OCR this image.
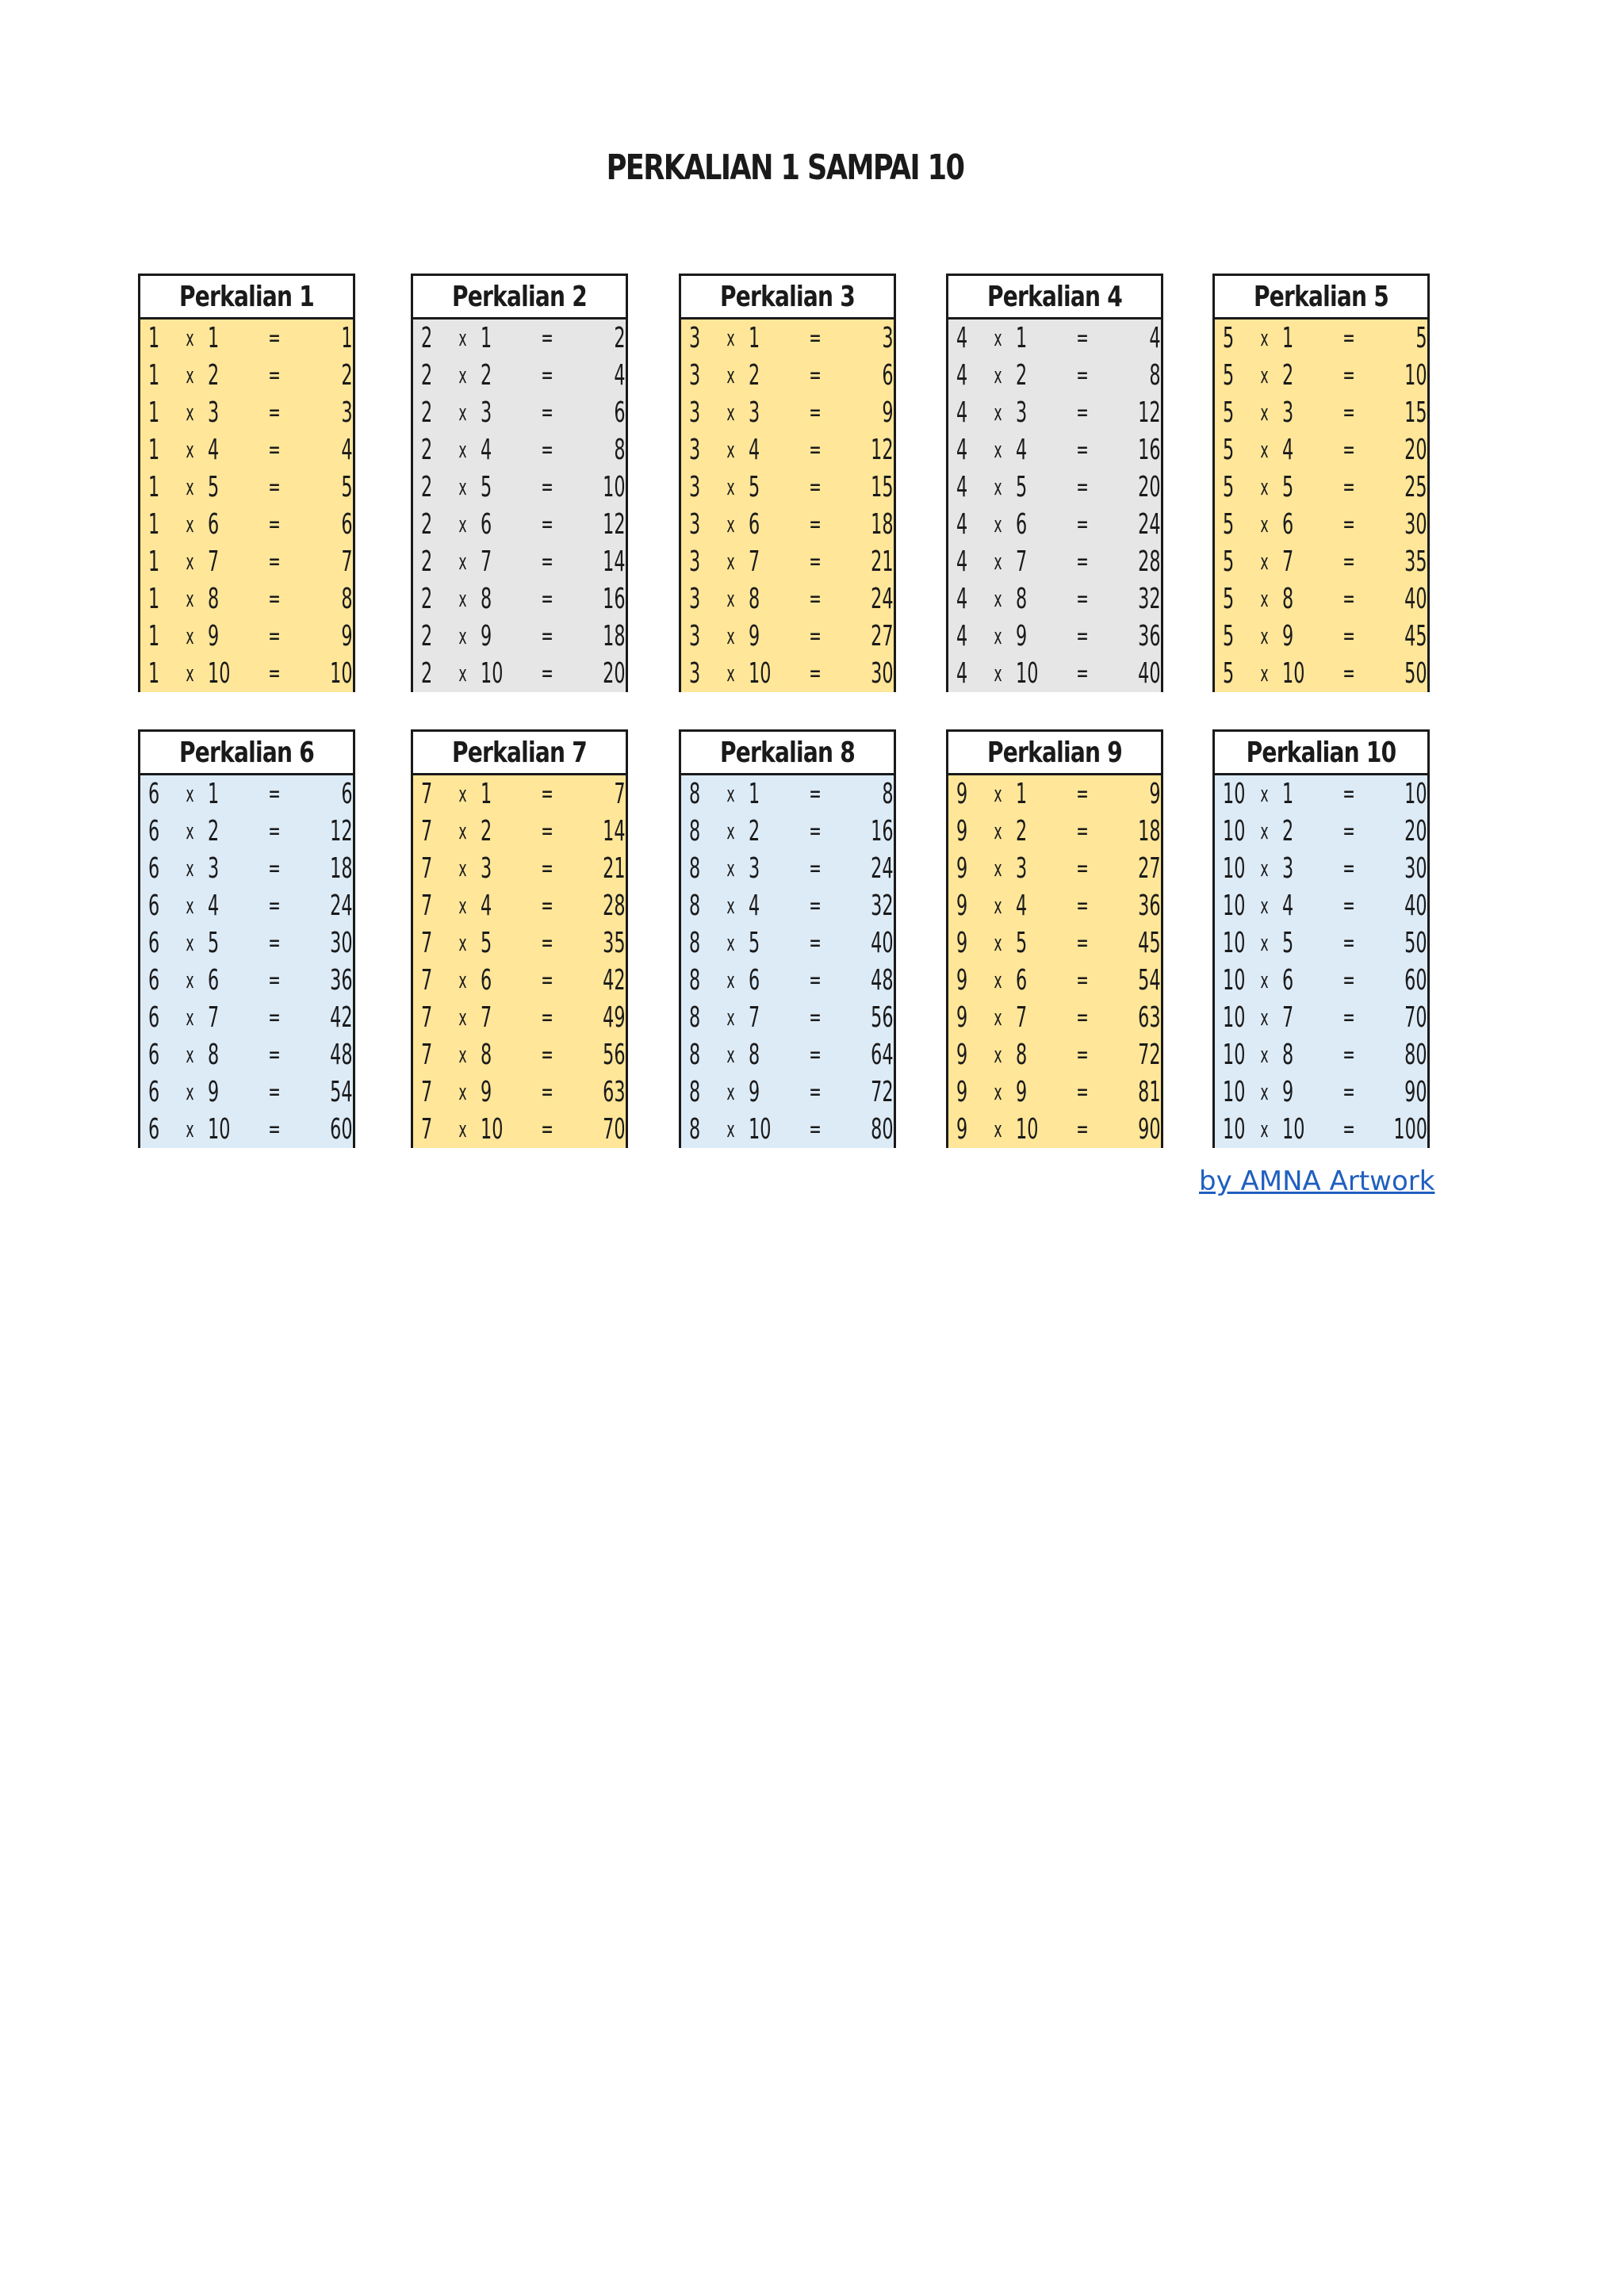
PERKALIAN 1 SAMPAI 10
Perkalian 1
1	x 1	=	1
1	x 2	=	2
1	x 3	=	3
1	x 4	=	4
1	x 5	=	5
1	x 6	=	6
1	x 7	=	7
1	x 8	=	8
1	x 9	=	9
1	x 10 =	10
Perkalian 2
2	x 1	=	2
2	x 2	=	4
2	x 3	=	6
2	x 4	=	8
2	x 5	=	10
2	x 6	=	12
2	x 7	=	14
2	x 8	=	16
2	x 9	=	18
2	x 10 =	20
Perkalian 3
3	x 1	=	3
3	x 2	=	6
3	x 3	=	9
3	x 4	=	12
3	x 5	=	15
3	x 6	=	18
3	x 7	=	21
3	x 8	=	24
3	x 9	=	27
3	x 10 =	30
Perkalian 4
4	x 1	=	4
4	x 2	=	8
4	x 3	=	12
4	x 4	=	16
4	x 5	=	20
4	x 6	=	24
4	x 7	=	28
4	x 8	=	32
4	x 9	=	36
4	x 10 =	40
Perkalian 5
5	x 1	=	5
5	x 2	=	10
5	x 3	=	15
5	x 4	=	20
5	x 5	=	25
5	x 6	=	30
5	x 7	=	35
5	x 8	=	40
5	x 9	=	45
5	x 10 =	50
Perkalian 6
6	x 1	=	6
6	x 2	=	12
6	x 3	=	18
6	x 4	=	24
6	x 5	=	30
6	x 6	=	36
6	x 7	=	42
6	x 8	=	48
6	x 9	=	54
6	x 10 =	60
Perkalian 7
7	x 1	=	7
7	x 2	=	14
7	x 3	=	21
7	x 4	=	28
7	x 5	=	35
7	x 6	=	42
7	x 7	=	49
7	x 8	=	56
7	x 9	=	63
7	x 10 =	70
Perkalian 8
8	x 1	=	8
8	x 2	=	16
8	x 3	=	24
8	x 4	=	32
8	x 5	=	40
8	x 6	=	48
8	x 7	=	56
8	x 8	=	64
8	x 9	=	72
8	x 10 =	80
Perkalian 9
9	x 1	=	9
9	x 2	=	18
9	x 3	=	27
9	x 4	=	36
9	x 5	=	45
9	x 6	=	54
9	x 7	=	63
9	x 8	=	72
9	x 9	=	81
9	x 10 =	90
Perkalian 10
10 x 1	=	10
10 x 2	=	20
10 x 3	=	30
10 x 4	=	40
10 x 5	=	50
10 x 6	=	60
10 x 7	=	70
10 x 8	=	80
10 x 9	=	90
10 x 10 = 100
by AMNA Artwork
